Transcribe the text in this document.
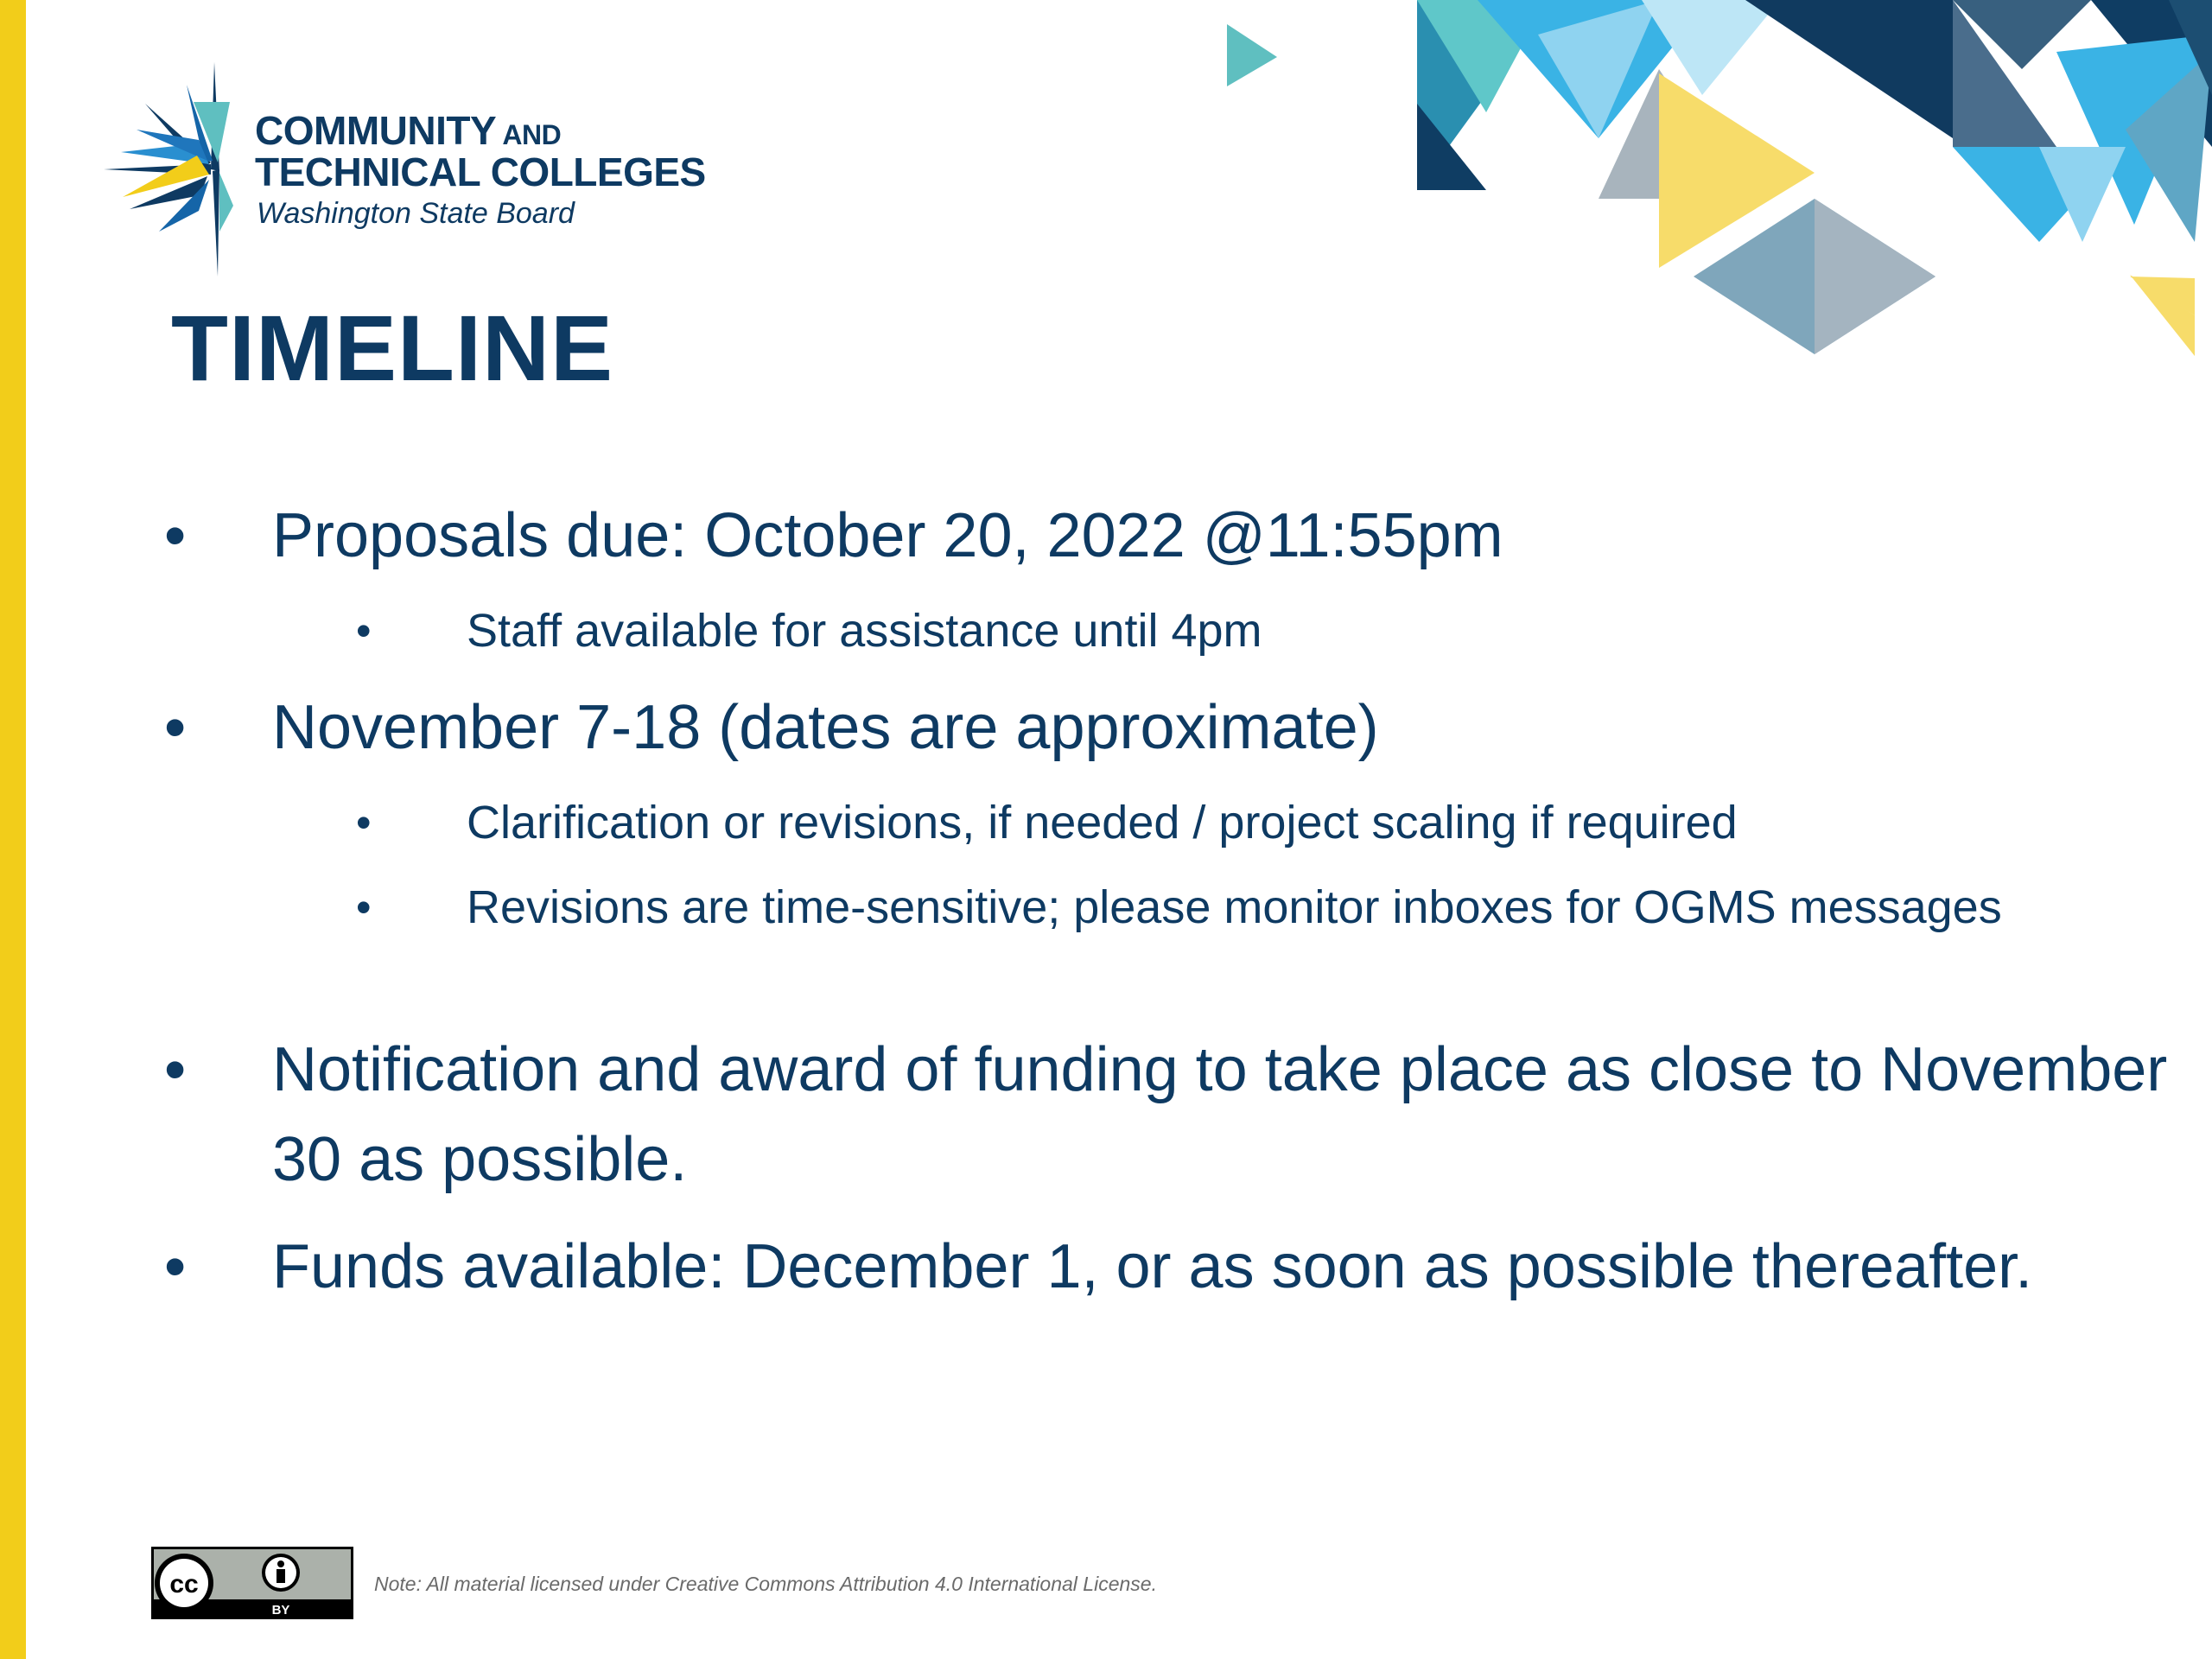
COMMUNITY AND
TECHNICAL COLLEGES
Washington State Board
TIMELINE
• Proposals due: October 20, 2022 @11:55pm
• Staff available for assistance until 4pm
• November 7-18 (dates are approximate)
• Clarification or revisions, if needed / project scaling if required
• Revisions are time-sensitive; please monitor inboxes for OGMS messages
• Notification and award of funding to take place as close to November 30 as possible.
• Funds available: December 1, or as soon as possible thereafter.
cc
BY
Note: All material licensed under Creative Commons Attribution 4.0 International License.
